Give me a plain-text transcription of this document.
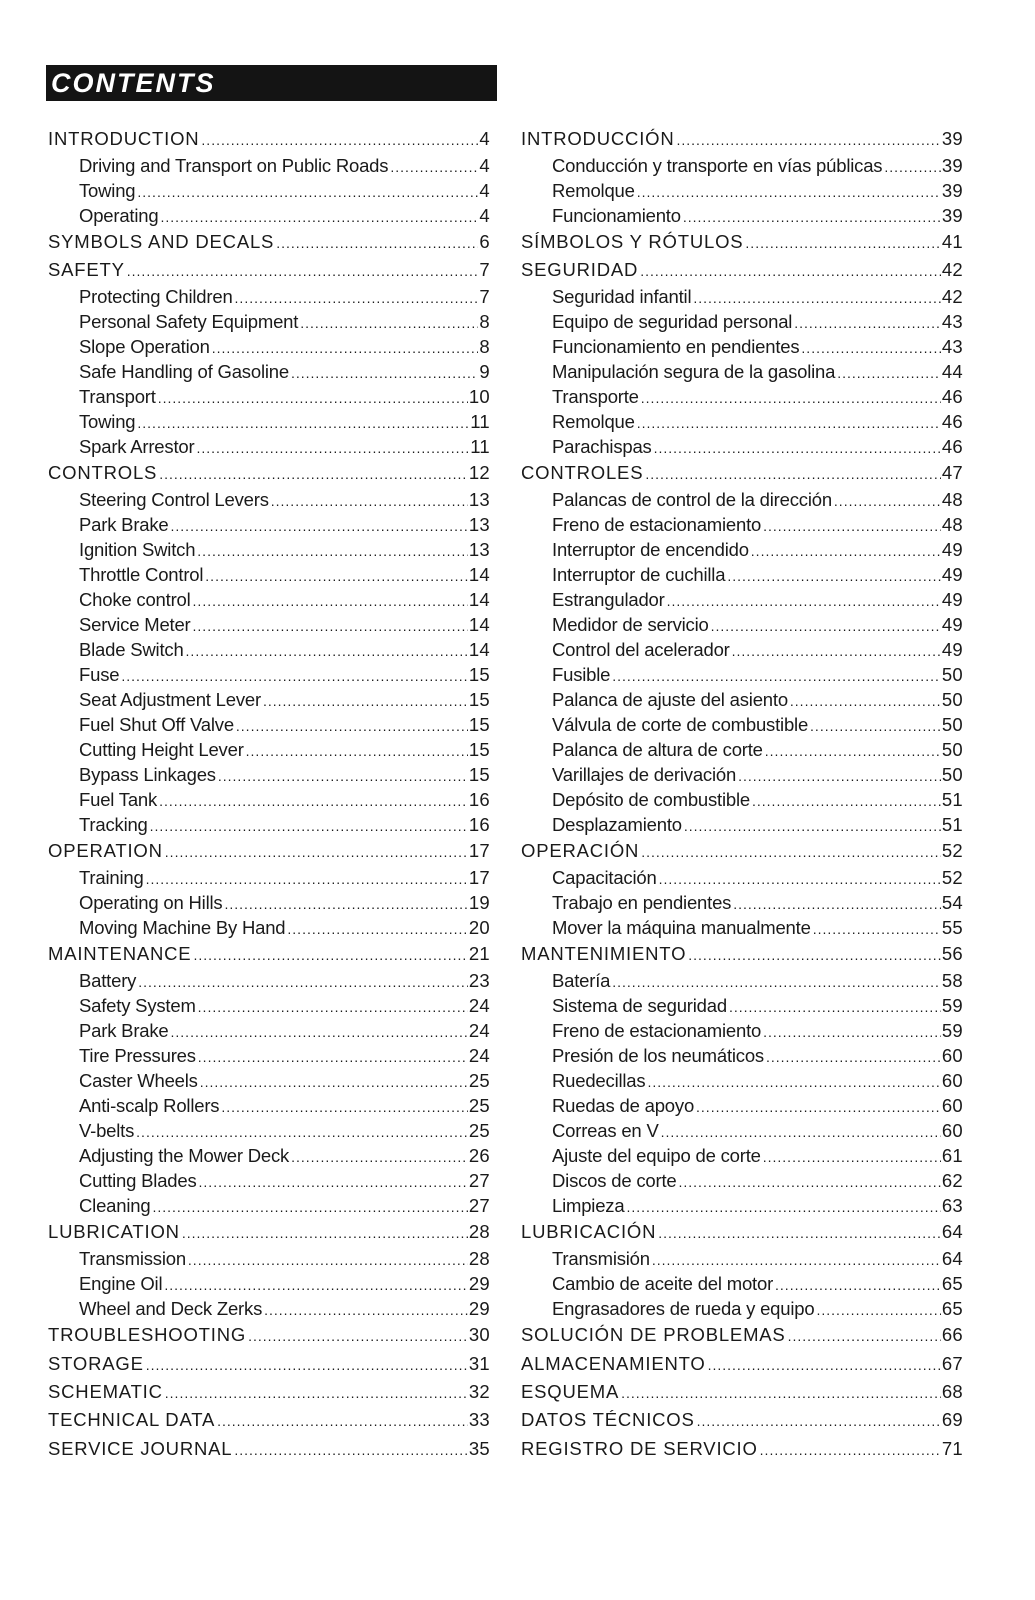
CONTENTS
INTRODUCTION .....	4
Driving and Transport on Public Roads .....	4
Towing .....	4
Operating .....	4
SYMBOLS AND DECALS .....	6
SAFETY .....	7
Protecting Children .....	7
Personal Safety Equipment .....	8
Slope Operation .....	8
Safe Handling of Gasoline .....	9
Transport .....	10
Towing .....	11
Spark Arrestor .....	11
CONTROLS .....	12
Steering Control Levers .....	13
Park Brake .....	13
Ignition Switch .....	13
Throttle Control .....	14
Choke control .....	14
Service Meter .....	14
Blade Switch .....	14
Fuse .....	15
Seat Adjustment Lever .....	15
Fuel Shut Off Valve .....	15
Cutting Height Lever .....	15
Bypass Linkages .....	15
Fuel Tank .....	16
Tracking .....	16
OPERATION .....	17
Training .....	17
Operating on Hills .....	19
Moving Machine By Hand .....	20
MAINTENANCE .....	21
Battery .....	23
Safety System .....	24
Park Brake .....	24
Tire Pressures .....	24
Caster Wheels .....	25
Anti-scalp Rollers .....	25
V-belts .....	25
Adjusting the Mower Deck .....	26
Cutting Blades .....	27
Cleaning .....	27
LUBRICATION .....	28
Transmission .....	28
Engine Oil .....	29
Wheel and Deck Zerks .....	29
TROUBLESHOOTING .....	30
STORAGE .....	31
SCHEMATIC .....	32
TECHNICAL DATA .....	33
SERVICE JOURNAL .....	35
INTRODUCCIÓN .....	39
Conducción y transporte en vías públicas .....	39
Remolque .....	39
Funcionamiento .....	39
SÍMBOLOS Y RÓTULOS .....	41
SEGURIDAD .....	42
Seguridad infantil .....	42
Equipo de seguridad personal .....	43
Funcionamiento en pendientes .....	43
Manipulación segura de la gasolina .....	44
Transporte .....	46
Remolque .....	46
Parachispas .....	46
CONTROLES .....	47
Palancas de control de la dirección .....	48
Freno de estacionamiento .....	48
Interruptor de encendido .....	49
Interruptor de cuchilla .....	49
Estrangulador .....	49
Medidor de servicio .....	49
Control del acelerador .....	49
Fusible .....	50
Palanca de ajuste del asiento .....	50
Válvula de corte de combustible .....	50
Palanca de altura de corte .....	50
Varillajes de derivación .....	50
Depósito de combustible .....	51
Desplazamiento .....	51
OPERACIÓN .....	52
Capacitación .....	52
Trabajo en pendientes .....	54
Mover la máquina manualmente .....	55
MANTENIMIENTO .....	56
Batería .....	58
Sistema de seguridad .....	59
Freno de estacionamiento .....	59
Presión de los neumáticos .....	60
Ruedecillas .....	60
Ruedas de apoyo .....	60
Correas en V .....	60
Ajuste del equipo de corte .....	61
Discos de corte .....	62
Limpieza .....	63
LUBRICACIÓN .....	64
Transmisión .....	64
Cambio de aceite del motor .....	65
Engrasadores de rueda y equipo .....	65
SOLUCIÓN DE PROBLEMAS .....	66
ALMACENAMIENTO .....	67
ESQUEMA .....	68
DATOS TÉCNICOS .....	69
REGISTRO DE SERVICIO .....	71
